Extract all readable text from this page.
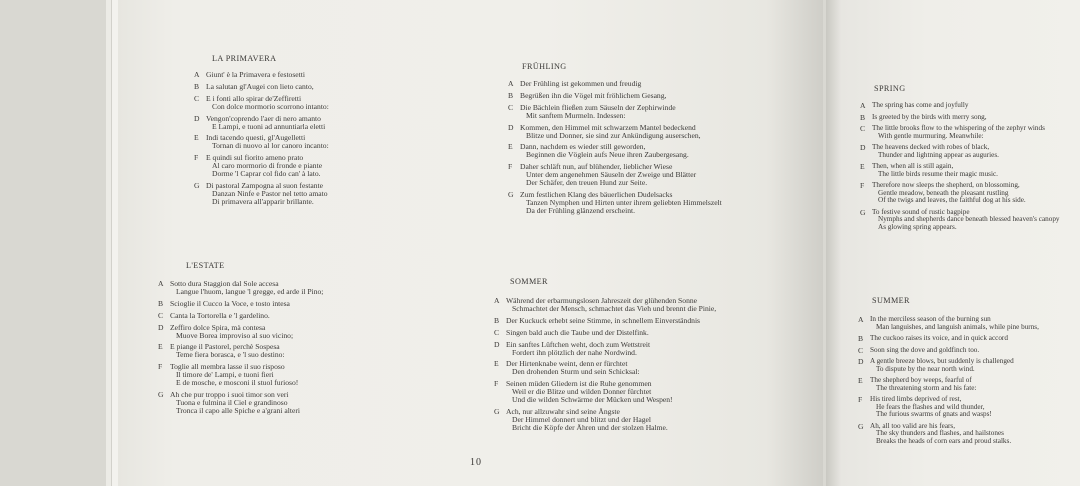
LA PRIMAVERA
A Giunt' è la Primavera e festosetti
B La salutan gl'Augei con lieto canto,
C E i fonti allo spirar de'Zeffiretti
Con dolce mormorio scorrono intanto:
D Vengon'coprendo l'aer di nero amanto
E Lampi, e tuoni ad annuntiarla eletti
E Indi tacendo questi, gl'Augelletti
Tornan di nuovo al lor canoro incanto:
F E quindi sul fiorito ameno prato
Al caro mormorio di fronde e piante
Dorme 'l Caprar col fido can' à lato.
G Di pastoral Zampogna al suon festante
Danzan Ninfe e Pastor nel tetto amato
Di primavera all'apparir brillante.
FRÜHLING
A Der Frühling ist gekommen und freudig
B Begrüßen ihn die Vögel mit fröhlichem Gesang,
C Die Bächlein fließen zum Säuseln der Zephirwinde
Mit sanftem Murmeln. Indessen:
D Kommen, den Himmel mit schwarzem Mantel bedeckend
Blitze und Donner, sie sind zur Ankündigung auserschen,
E Dann, nachdem es wieder still geworden,
Beginnen die Vöglein aufs Neue ihren Zaubergesang.
F Daher schläft nun, auf blühender, lieblicher Wiese
Unter dem angenehmen Säuseln der Zweige und Blätter
Der Schäfer, den treuen Hund zur Seite.
G Zum festlichen Klang des bäuerlichen Dudelsacks
Tanzen Nymphen und Hirten unter ihrem geliebten Himmelszelt
Da der Frühling glänzend erscheint.
SPRING
A The spring has come and joyfully
B Is greeted by the birds with merry song,
C The little brooks flow to the whispering of the zephyr winds
With gentle murmuring. Meanwhile:
D The heavens decked with robes of black,
Thunder and lightning appear as auguries.
E Then, when all is still again,
The little birds resume their magic music.
F Therefore now sleeps the shepherd, on blossoming,
Gentle meadow, beneath the pleasant rustling
Of the twigs and leaves, the faithful dog at his side.
G To festive sound of rustic bagpipe
Nymphs and shepherds dance beneath blessed heaven's canopy
As glowing spring appears.
L'ESTATE
A Sotto dura Staggion dal Sole accesa
Langue l'huom, langue 'l gregge, ed arde il Pino;
B Scioglie il Cucco la Voce, e tosto intesa
C Canta la Tortorella e 'l gardelino.
D Zeffiro dolce Spira, mà contesa
Muove Borea improviso al suo vicino;
E E piange il Pastorel, perchè Sospesa
Teme fiera borasca, e 'l suo destino:
F Toglie all membra lasse il suo risposo
Il timore de' Lampi, e tuoni fieri
E de mosche, e mosconi il stuol furioso!
G Ah che pur troppo i suoi timor son veri
Tuona e fulmina il Ciel e grandinoso
Tronca il capo alle Spiche e a'grani alteri
SOMMER
A Während der erbarmungslosen Jahreszeit der glühenden Sonne
Schmachtet der Mensch, schmachtet das Vieh und brennt die Pinie,
B Der Kuckuck erhebt seine Stimme, in schnellem Einverständnis
C Singen bald auch die Taube und der Distelfink.
D Ein sanftes Lüftchen weht, doch zum Wettstreit
Fordert ihn plötzlich der nahe Nordwind.
E Der Hirtenknabe weint, denn er fürchtet
Den drohenden Sturm und sein Schicksal:
F Seinen müden Gliedern ist die Ruhe genommen
Weil er die Blitze und wilden Donner fürchtet
Und die wilden Schwärme der Mücken und Wespen!
G Ach, nur allzuwahr sind seine Ängste
Der Himmel donnert und blitzt und der Hagel
Bricht die Köpfe der Ähren und der stolzen Halme.
SUMMER
A In the merciless season of the burning sun
Man languishes, and languish animals, while pine burns,
B The cuckoo raises its voice, and in quick accord
C Soon sing the dove and goldfinch too.
D A gentle breeze blows, but suddenly is challenged
To dispute by the near north wind.
E The shepherd boy weeps, fearful of
The threatening storm and his fate:
F His tired limbs deprived of rest,
He fears the flashes and wild thunder,
The furious swarms of gnats and wasps!
G Ah, all too valid are his fears,
The sky thunders and flashes, and hailstones
Breaks the heads of corn ears and proud stalks.
10
